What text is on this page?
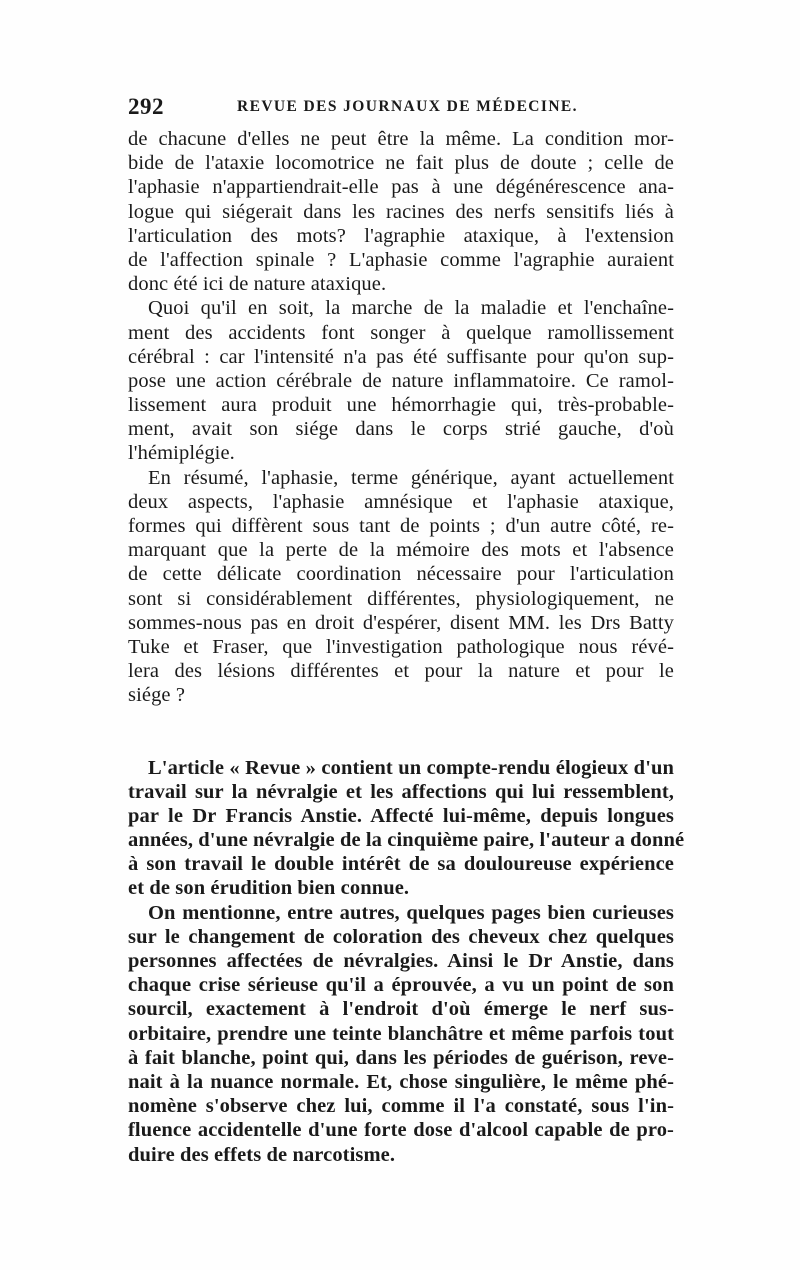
292	REVUE DES JOURNAUX DE MÉDECINE.
de chacune d'elles ne peut être la même. La condition mor-
bide de l'ataxie locomotrice ne fait plus de doute ; celle de
l'aphasie n'appartiendrait-elle pas à une dégénérescence ana-
logue qui siégerait dans les racines des nerfs sensitifs liés à
l'articulation des mots? l'agraphie ataxique, à l'extension
de l'affection spinale ? L'aphasie comme l'agraphie auraient
donc été ici de nature ataxique.
Quoi qu'il en soit, la marche de la maladie et l'enchaîne-
ment des accidents font songer à quelque ramollissement
cérébral : car l'intensité n'a pas été suffisante pour qu'on sup-
pose une action cérébrale de nature inflammatoire. Ce ramol-
lissement aura produit une hémorrhagie qui, très-probable-
ment, avait son siége dans le corps strié gauche, d'où
l'hémiplégie.
En résumé, l'aphasie, terme générique, ayant actuellement
deux aspects, l'aphasie amnésique et l'aphasie ataxique,
formes qui diffèrent sous tant de points ; d'un autre côté, re-
marquant que la perte de la mémoire des mots et l'absence
de cette délicate coordination nécessaire pour l'articulation
sont si considérablement différentes, physiologiquement, ne
sommes-nous pas en droit d'espérer, disent MM. les Drs Batty
Tuke et Fraser, que l'investigation pathologique nous révé-
lera des lésions différentes et pour la nature et pour le
siége ?
L'article « Revue » contient un compte-rendu élogieux d'un
travail sur la névralgie et les affections qui lui ressemblent,
par le Dr Francis Anstie. Affecté lui-même, depuis longues
années, d'une névralgie de la cinquième paire, l'auteur a donné
à son travail le double intérêt de sa douloureuse expérience
et de son érudition bien connue.
On mentionne, entre autres, quelques pages bien curieuses
sur le changement de coloration des cheveux chez quelques
personnes affectées de névralgies. Ainsi le Dr Anstie, dans
chaque crise sérieuse qu'il a éprouvée, a vu un point de son
sourcil, exactement à l'endroit d'où émerge le nerf sus-
orbitaire, prendre une teinte blanchâtre et même parfois tout
à fait blanche, point qui, dans les périodes de guérison, reve-
nait à la nuance normale. Et, chose singulière, le même phé-
nomène s'observe chez lui, comme il l'a constaté, sous l'in-
fluence accidentelle d'une forte dose d'alcool capable de pro-
duire des effets de narcotisme.
